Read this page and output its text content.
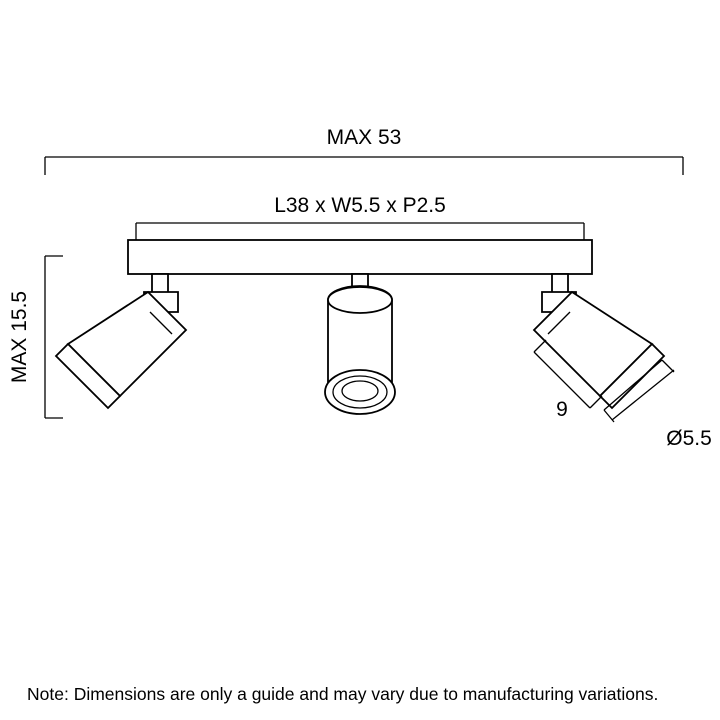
MAX 53
L38 x W5.5 x P2.5
MAX 15.5
9
Ø5.5
Note: Dimensions are only a guide and may vary due to manufacturing variations.
